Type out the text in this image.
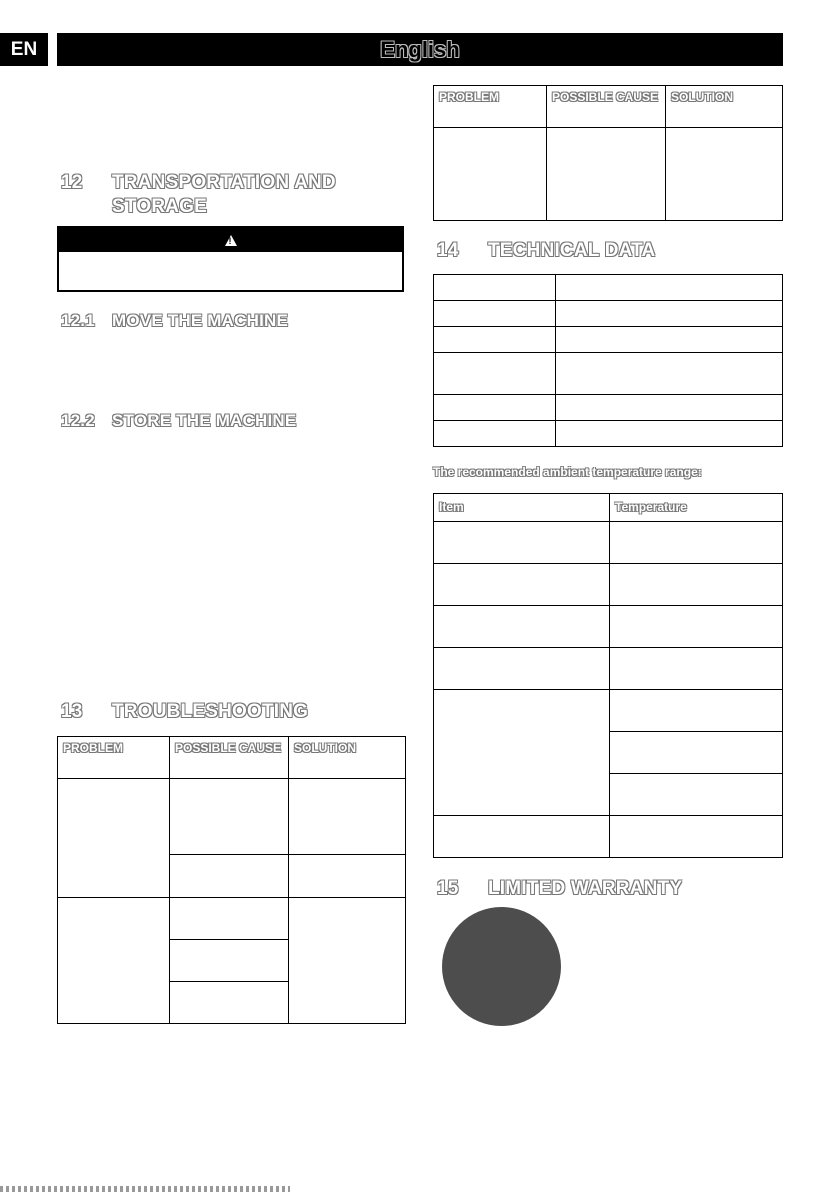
EN	English
12 TRANSPORTATION AND STORAGE
!
12.1 MOVE THE MACHINE
12.2 STORE THE MACHINE
13 TROUBLESHOOTING
PROBLEM	POSSIBLE CAUSE	SOLUTION

PROBLEM	POSSIBLE CAUSE	SOLUTION

14 TECHNICAL DATA

The recommended ambient temperature range:
Item	Temperature

15 LIMITED WARRANTY
